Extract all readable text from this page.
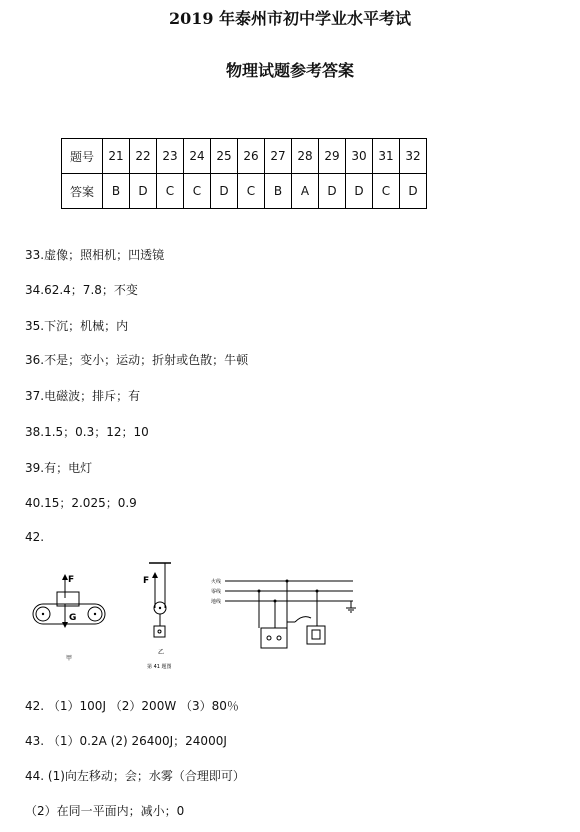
2019 年泰州市初中学业水平考试
物理试题参考答案
题号	21	22	23	24	25	26	27	28	29	30	31	32
答案	B	D	C	C	D	C	B	A	D	D	C	D
33.虚像；照相机；凹透镜
34.62.4；7.8；不变
35.下沉；机械；内
36.不是；变小；运动；折射或色散；牛顿
37.电磁波；排斥；有
38.1.5；0.3；12；10
39.有；电灯
40.15；2.025；0.9
42.
F
G
甲
F
乙
第 41 题图
火线
零线
地线
42. （1）100J （2）200W （3）80％
43. （1）0.2A (2) 26400J；24000J
44. (1)向左移动；会；水雾（合理即可）
（2）在同一平面内；减小；0
